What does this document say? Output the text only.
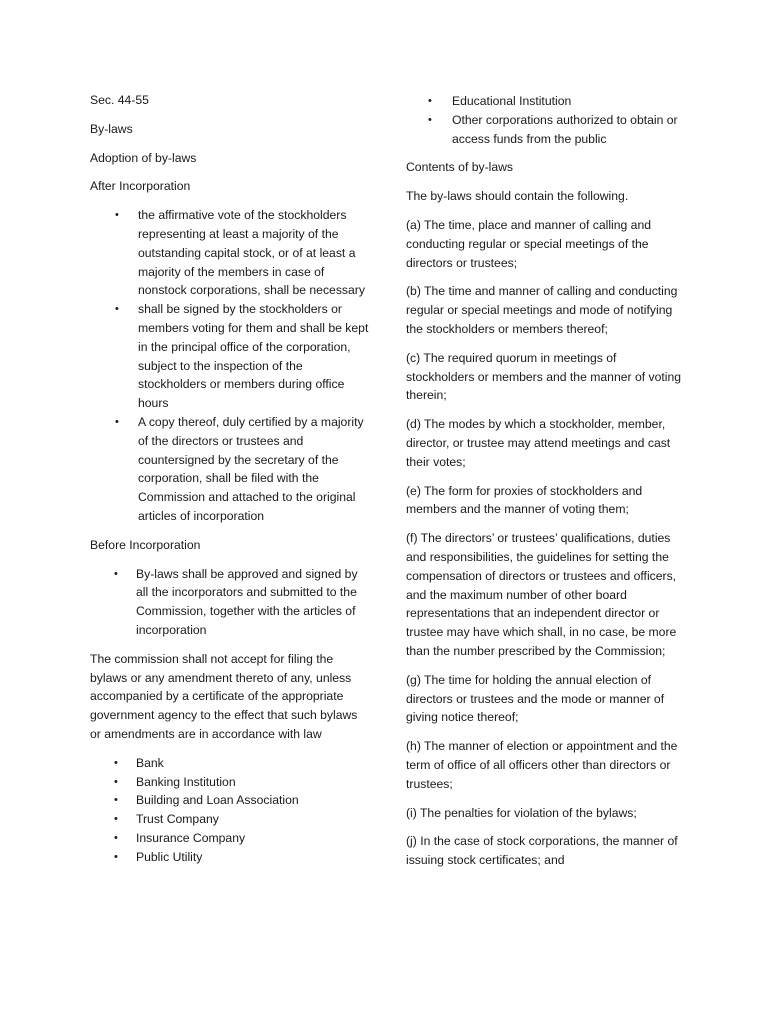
Sec. 44-55

By-laws

Adoption of by-laws

After Incorporation

• the affirmative vote of the stockholders representing at least a majority of the outstanding capital stock, or of at least a majority of the members in case of nonstock corporations, shall be necessary
• shall be signed by the stockholders or members voting for them and shall be kept in the principal office of the corporation, subject to the inspection of the stockholders or members during office hours
• A copy thereof, duly certified by a majority of the directors or trustees and countersigned by the secretary of the corporation, shall be filed with the Commission and attached to the original articles of incorporation

Before Incorporation

• By-laws shall be approved and signed by all the incorporators and submitted to the Commission, together with the articles of incorporation

The commission shall not accept for filing the bylaws or any amendment thereto of any, unless accompanied by a certificate of the appropriate government agency to the effect that such bylaws or amendments are in accordance with law

• Bank
• Banking Institution
• Building and Loan Association
• Trust Company
• Insurance Company
• Public Utility
• Educational Institution
• Other corporations authorized to obtain or access funds from the public

Contents of by-laws

The by-laws should contain the following.

(a) The time, place and manner of calling and conducting regular or special meetings of the directors or trustees;

(b) The time and manner of calling and conducting regular or special meetings and mode of notifying the stockholders or members thereof;

(c) The required quorum in meetings of stockholders or members and the manner of voting therein;

(d) The modes by which a stockholder, member, director, or trustee may attend meetings and cast their votes;

(e) The form for proxies of stockholders and members and the manner of voting them;

(f) The directors’ or trustees’ qualifications, duties and responsibilities, the guidelines for setting the compensation of directors or trustees and officers, and the maximum number of other board representations that an independent director or trustee may have which shall, in no case, be more than the number prescribed by the Commission;

(g) The time for holding the annual election of directors or trustees and the mode or manner of giving notice thereof;

(h) The manner of election or appointment and the term of office of all officers other than directors or trustees;

(i) The penalties for violation of the bylaws;

(j) In the case of stock corporations, the manner of issuing stock certificates; and
